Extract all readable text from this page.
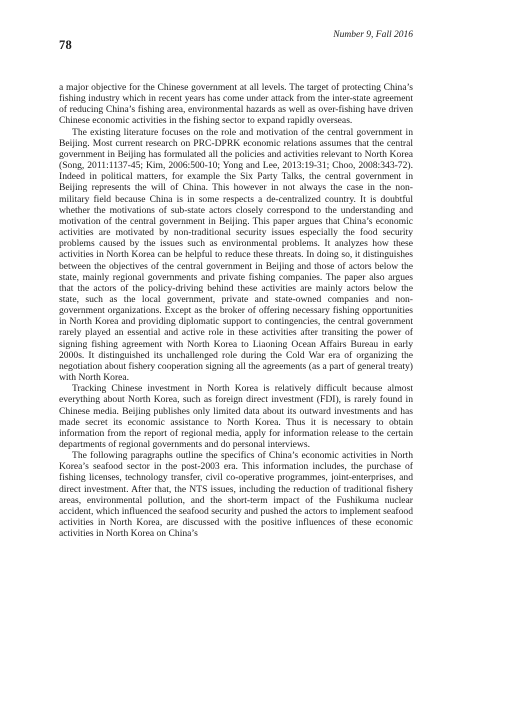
78
Number 9, Fall 2016

a major objective for the Chinese government at all levels. The target of protecting China’s fishing industry which in recent years has come under attack from the inter-state agreement of reducing China’s fishing area, environmental hazards as well as over-fishing have driven Chinese economic activities in the fishing sector to expand rapidly overseas.

The existing literature focuses on the role and motivation of the central government in Beijing. Most current research on PRC-DPRK economic relations assumes that the central government in Beijing has formulated all the policies and activities relevant to North Korea (Song, 2011:1137-45; Kim, 2006:500-10; Yong and Lee, 2013:19-31; Choo, 2008:343-72). Indeed in political matters, for example the Six Party Talks, the central government in Beijing represents the will of China. This however in not always the case in the non-military field because China is in some respects a de-centralized country. It is doubtful whether the motivations of sub-state actors closely correspond to the understanding and motivation of the central government in Beijing. This paper argues that China’s economic activities are motivated by non-traditional security issues especially the food security problems caused by the issues such as environmental problems. It analyzes how these activities in North Korea can be helpful to reduce these threats. In doing so, it distinguishes between the objectives of the central government in Beijing and those of actors below the state, mainly regional governments and private fishing companies. The paper also argues that the actors of the policy-driving behind these activities are mainly actors below the state, such as the local government, private and state-owned companies and non-government organizations. Except as the broker of offering necessary fishing opportunities in North Korea and providing diplomatic support to contingencies, the central government rarely played an essential and active role in these activities after transiting the power of signing fishing agreement with North Korea to Liaoning Ocean Affairs Bureau in early 2000s. It distinguished its unchallenged role during the Cold War era of organizing the negotiation about fishery cooperation signing all the agreements (as a part of general treaty) with North Korea.

Tracking Chinese investment in North Korea is relatively difficult because almost everything about North Korea, such as foreign direct investment (FDI), is rarely found in Chinese media. Beijing publishes only limited data about its outward investments and has made secret its economic assistance to North Korea. Thus it is necessary to obtain information from the report of regional media, apply for information release to the certain departments of regional governments and do personal interviews.

The following paragraphs outline the specifics of China’s economic activities in North Korea’s seafood sector in the post-2003 era. This information includes, the purchase of fishing licenses, technology transfer, civil co-operative programmes, joint-enterprises, and direct investment. After that, the NTS issues, including the reduction of traditional fishery areas, environmental pollution, and the short-term impact of the Fushikuma nuclear accident, which influenced the seafood security and pushed the actors to implement seafood activities in North Korea, are discussed with the positive influences of these economic activities in North Korea on China’s
